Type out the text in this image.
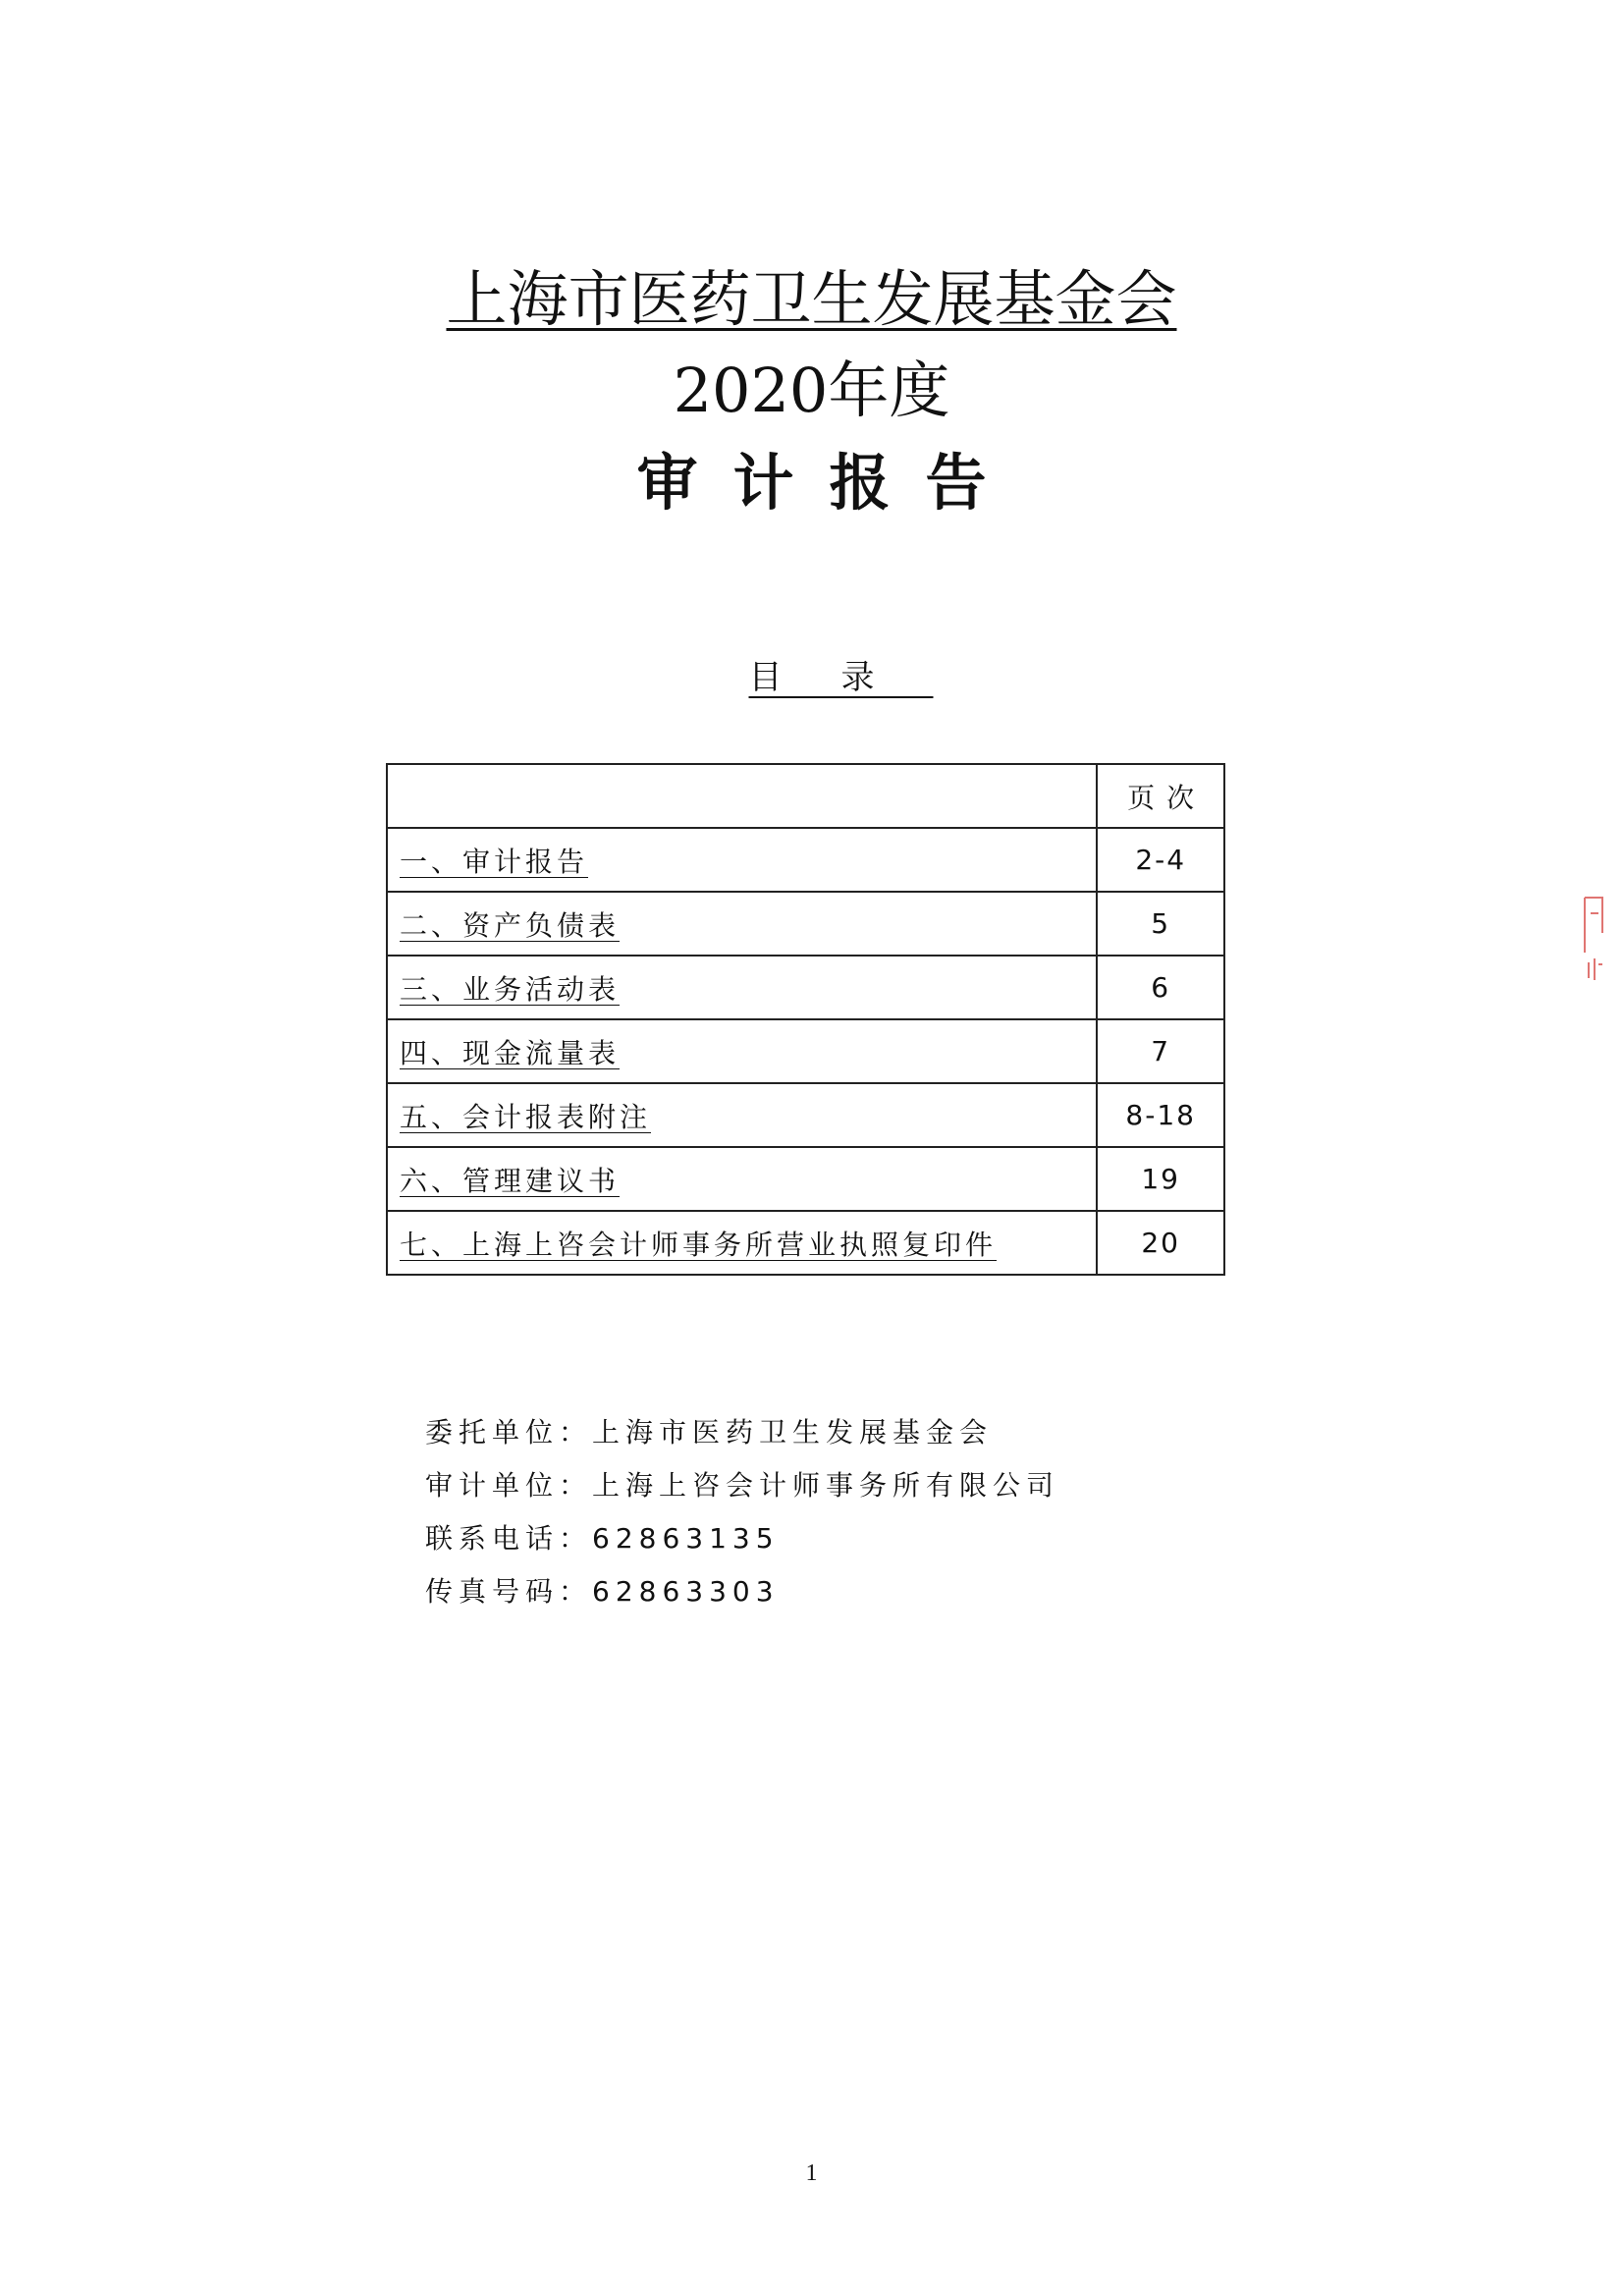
上海市医药卫生发展基金会
2020年度
审计报告
目录
	页次
一、审计报告	2-4
二、资产负债表	5
三、业务活动表	6
四、现金流量表	7
五、会计报表附注	8-18
六、管理建议书	19
七、上海上咨会计师事务所营业执照复印件	20
委托单位：上海市医药卫生发展基金会
审计单位：上海上咨会计师事务所有限公司
联系电话：62863135
传真号码：62863303
1
